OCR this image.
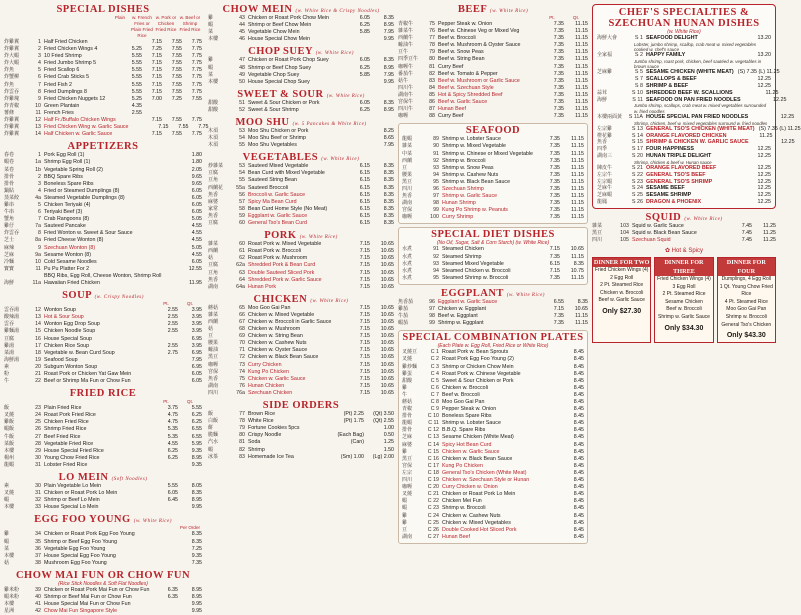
SPECIAL DISHES
Plain	w. French Fries or Plain Fried Rice
w. Pork or Chicken Fried Rice
w. Beef or Shrimp Fried Rice
炸雞翼	1 Half Fried Chicken	7.15	7.55	7.75
炸雞翼	2 Fried Chicken Wings 4	5.25	7.25	7.55	7.75
炸大蝦	3 10 Fried Shrimp	5.55	7.15	7.55	7.75
炸大蝦	4 Fried Jumbo Shrimp 5	5.55	7.15	7.55	7.75
炸魚	5 Fried Scallop 6	5.55	7.15	7.55	7.75
炸蟹柳	6 Fried Crab Sticks 5	5.55	7.15	7.55	7.75
炸魚	7 Fried Fish 2	5.55	7.15	7.55	7.75
炸雲吞	8 Fried Dumplings 8	5.55	7.15	7.55	7.75
炸雞塊	9 Fried Chicken Nuggets 12	5.25	7.00	7.25	7.55
炸青椒	10 Green Plantain	4.35
薯條	11 French Fries	2.55
炸雞翼	12 Half Fr./Buffalo Chicken Wings	7.15	7.55	7.75
炸雞翼	13 Fried Chicken Wing w. Garlic Sauce	7.15	7.55	7.75
炸雞翼	14 Half Chicken w. Garlic Sauce	7.15	7.55	7.75
APPETIZERS
春卷	1 Pork Egg Roll (1)	1.80
蝦卷	1a Shrimp Egg Roll (1)	1.80
菜卷	1b Vegetable Spring Roll (2)	2.05
排骨	2 BBQ Spare Ribs	9.65
排骨	3 Boneless Spare Ribs	9.65
鍋貼	4 Fried or Steamed Dumplings (8)	6.05
蒸菜餃	4a Steamed Vegetable Dumplings (8)	6.05
雞串	5 Chicken Teriyaki (4)	6.05
牛串	6 Teriyaki Beef (3)	6.05
蟹角	7 Crab Rangoons (8)	5.05
雞仔	7a Sauteed Pancake	4.55
炸雲吞	8 Fried Wonton w. Sweet & Sour Sauce	4.55
芝士	8a Fried Cheese Wonton (8)	4.55
麻辣	9 Szechuan Wonton (8)	5.05
芝麻	9a Sesame Wonton (8)	4.55
冷麵	10 Cold Sesame Noodles	6.05
寶寶	11 Pu Pu Platter For 2	12.55
BBQ Ribs, Egg Roll, Cheese Wonton, Shrimp Roll
海鮮	11a Hawaiian Fried Chicken	11.95
SOUP (w. Crispy Noodles)
Pt.	Qt.
雲吞湯	12 Wonton Soup	2.55	3.95
酸辣湯	13 Hot & Sour Soup	2.55	3.95
雲吞	14 Wonton Egg Drop Soup	2.55	3.95
雞麵湯	15 Chicken Noodle Soup	2.55	3.95
豆腐	16 House Special Soup	6.95
雞湯	17 Chicken Rice Soup	2.55	3.95
菜湯	18 Vegetable w. Bean Curd Soup	2.75	6.95
海鮮湯	19 Seafood Soup	7.95
素	20 Subgum Wonton Soup	6.95
粉	21 Roast Pork or Chicken Yat Gaw Mein	6.05
牛	22 Beef or Shrimp Ma Fun or Chow Fun	6.05
FRIED RICE
Pt.	Qt.
飯	23 Plain Fried Rice	3.75	5.55
叉燒	24 Roast Pork Fried Rice	4.75	6.25
雞飯	25 Chicken Fried Rice	4.75	6.25
蝦飯	26 Shrimp Fried Rice	5.35	6.55
牛飯	27 Beef Fried Rice	5.35	6.55
菜飯	28 Vegetable Fried Rice	4.55	5.95
本樓	29 House Special Fried Rice	6.25	9.35
楊州	30 Young Chow Fried Rice	6.25	8.95
龍蝦	31 Lobster Fried Rice	9.35
LO MEIN (Soft Noodles)
素	30 Plain Vegetable Lo Mein	5.55	8.05
叉燒	31 Chicken or Roast Pork Lo Mein	6.05	8.35
蝦	32 Shrimp or Beef Lo Mein	6.45	8.95
本樓	33 House Special Lo Mein	9.95
EGG FOO YOUNG (w. White Rice)
Per Order
雞	34 Chicken or Roast Pork Egg Foo Young	8.35
蝦	35 Shrimp or Beef Egg Foo Young	8.35
菜	36 Vegetable Egg Foo Young	7.25
本樓	37 House Special Egg Foo Young	9.35
菇	38 Mushroom Egg Foo Young	7.35
CHOW MAI FUN OR CHOW FUN
(Rice Stick Noodles & Soft Flat Noodles)
雞米粉	39 Chicken or Roast Pork Mai Fun or Chow Fun	6.35	8.95
蝦米粉	40 Shrimp or Beef Mai Fun or Chow Fun	6.35	8.95
本樓	41 House Special Mai Fun or Chow Fun	9.95
星洲	42 Chow Mai Fun Singapore Style	9.95
CHOW MEIN (w. White Rice & Crispy Noodles)
雞	43 Chicken or Roast Pork Chow Mein	6.05	8.35
蝦	44 Shrimp or Beef Chow Mein	6.25	8.95
菜	45 Vegetable Chow Mein	5.85	7.95
本樓	46 House Special Chow Mein	9.95
CHOP SUEY (w. White Rice)
雞	47 Chicken or Roast Pork Chop Suey	6.05	8.35
蝦	48 Shrimp or Beef Chop Suey	6.25	8.95
菜	49 Vegetable Chop Suey	5.85	7.95
本樓	50 House Special Chop Suey	9.95
SWEET & SOUR (w. White Rice)
甜酸	51 Sweet & Sour Chicken or Pork	6.05	8.35
甜酸	52 Sweet & Sour Shrimp	6.25	8.95
MOO SHU (w. 5 Pancakes & White Rice)
木須	53 Moo Shu Chicken or Pork	8.25
木須	54 Moo Shu Beef or Shrimp	8.65
木須	55 Moo Shu Vegetables	7.95
VEGETABLES (w. White Rice)
炒雜菜	53 Sauteed Mixed Vegetable	6.15	8.35
豆腐	54 Bean Curd with Mixed Vegetable	6.15	8.35
豆角	55 Sauteed String Bean	6.15	8.35
西蘭花	55a Sauteed Broccoli	6.15	8.35
魚香	56 Broccoli w. Garlic Sauce	6.15	8.35
麻婆	57 Spicy Ma Bean Curd	6.15	8.35
家常	58 Bean Curd Home Style (No Meat)	6.15	8.35
魚香	59 Eggplant w. Garlic Sauce	6.15	8.35
豆腐	60 General Tso's Bean Curd	6.15	8.35
PORK (w. White Rice)
雜菜	60 Roast Pork w. Mixed Vegetable	7.15	10.65
西蘭	61 Roast Pork w. Broccoli	7.15	10.65
菇	62 Roast Pork w. Mushroom	7.15	10.65
豆腐	62a Shredded Pork & Bean Curd	7.15	10.65
豆角	63 Double Sauteed Sliced Pork	7.15	10.65
魚香	64 Shredded Pork w. Garlic Sauce	7.15	10.65
湖南	64a Hunan Pork	7.15	10.65
CHICKEN (w. White Rice)
蘑菇	65 Moo Goo Gai Pan	7.15	10.65
雜菜	66 Chicken w. Mixed Vegetable	7.15	10.65
西蘭	67 Chicken w. Broccoli in Garlic Sauce	7.15	10.65
菇	68 Chicken w. Mushroom	7.15	10.65
豆	69 Chicken w. String Bean	7.15	10.65
腰果	70 Chicken w. Cashew Nuts	7.15	10.65
蠔油	71 Chicken w. Oyster Sauce	7.15	10.65
黑豆	72 Chicken w. Black Bean Sauce	7.15	10.65
咖喱	73 Curry Chicken	7.15	10.65
宮保	74 Kung Po Chicken	7.15	10.65
魚香	75 Chicken w. Garlic Sauce	7.15	10.65
湖南	76 Hunan Chicken	7.15	10.65
四川	76a Szechuan Chicken	7.15	10.65
SIDE ORDERS
飯	77 Brown Rice	(Pt) 2.25	(Qt) 3.50
白飯	78 White Rice	(Pt) 1.75	(Qt) 2.55
餅	79 Fortune Cookies 5pcs	1.00
脆麵	80 Crispy Noodle	(Each Bag)	0.50
汽水	81 Soda	(Can)	1.25
蝦	82 Shrimp	1.50
冰茶	83 Homemade Ice Tea	(Sm) 1.00	(Lg) 2.00
BEEF (w. White Rice)
Pt.	Qt.
青椒牛	75 Pepper Steak w. Onion	7.35	11.15
雜菜牛	76 Beef w. Chinese Veg or Mixed Veg	7.35	11.15
西蘭牛	77 Beef w. Broccoli	7.35	11.15
蠔油牛	78 Beef w. Mushroom & Oyster Sauce	7.35	11.15
豆牛	79 Beef w. Snow Peas	7.35	11.15
四季豆牛	80 Beef w. String Bean	7.35	11.15
咖喱牛	81 Curry Beef	7.35	11.15
番茄牛	82 Beef w. Tomato & Pepper	7.35	11.15
菇牛	83 Beef w. Mushroom or Garlic Sauce	7.35	11.15
四川牛	84 Beef w. Szechuan Style	7.35	11.15
湖南牛	85 Hot & Spicy Shredded Beef	7.35	11.15
宮保牛	86 Beef w. Garlic Sauce	7.35	11.15
四川牛	87 Hunan Beef	7.35	11.15
咖喱	88 Curry Beef	7.35	11.15
SEAFOOD
龍蝦	89 Shrimp w. Lobster Sauce	7.35	11.15
雜菜	90 Shrimp w. Mixed Vegetable	7.35	11.15
中菜	91 Shrimp w. Chinese or Mixed Vegetable	7.35	11.15
西蘭	92 Shrimp w. Broccoli	7.35	11.15
豆	93 Shrimp w. Snow Peas	7.35	11.15
腰果	94 Shrimp w. Cashew Nuts	7.35	11.15
黑豆	95 Shrimp w. Black Bean Sauce	7.35	11.15
四川	96 Szechuan Shrimp	7.35	11.15
魚香	97 Shrimp w. Garlic Sauce	7.35	11.15
湖南	98 Hunan Shrimp	7.35	11.15
宮保	99 Kung Po Shrimp w. Peanuts	7.35	11.15
咖喱	100 Curry Shrimp	7.35	11.15
SPECIAL DIET DISHES
(No Oil, Sugar, Salt & Corn Starch) (w. White Rice)
水煮	91 Steamed Chicken	7.15	10.65
水煮	92 Steamed Shrimp	7.35	11.15
水煮	93 Steamed Mixed Vegetable	6.15	8.35
水煮	94 Steamed Chicken w. Broccoli	7.15	10.75
水煮	95 Steamed Shrimp w. Broccoli	7.35	11.15
EGGPLANT (w. White Rice)
魚香茄	96 Eggplant w. Garlic Sauce	6.55	8.35
雞茄	97 Chicken w. Eggplant	7.15	10.65
牛茄	98 Beef w. Eggplant	7.35	11.15
蝦茄	99 Shrimp w. Eggplant	7.35	11.15
SPECIAL COMBINATION PLATES
(Each Plate w. Egg Roll, Fried Rice or White Rice)
叉燒豆	C 1 Roast Pork w. Bean Sprouts	8.45
叉燒	C 2 Roast Pork Egg Foo Young (2)	8.45
雞炒麵	C 3 Shrimp or Chicken Chow Mein	8.45
雞蛋	C 4 Roast Pork w. Chinese Vegetable	8.45
甜酸	C 5 Sweet & Sour Chicken or Pork	8.45
雞	C 6 Chicken w. Broccoli	8.45
牛	C 7 Beef w. Broccoli	8.45
蘑菇	C 8 Moo Goo Gai Pan	8.45
青椒	C 9 Pepper Steak w. Onion	8.45
排骨	C 10 Boneless Spare Ribs	8.45
龍蝦	C 11 Shrimp w. Lobster Sauce	8.45
排骨	C 12 B.B.Q. Spare Ribs	8.45
芝麻	C 13 Sesame Chicken (White Meat)	8.45
麻婆	C 14 Spicy Hot Bean Curd	8.45
雞	C 15 Chicken w. Garlic Sauce	8.45
黑豆	C 16 Chicken w. Black Bean Sauce	8.45
宮保	C 17 Kung Po Chicken	8.45
左宗	C 18 General Tso's Chicken (White Meat)	8.45
四川	C 19 Chicken w. Szechuan Style or Hunan	8.45
咖喱	C 20 Curry Chicken w. Onion	8.45
叉燒	C 21 Chicken or Roast Pork Lo Mein	8.45
蝦	C 22 Chicken Mei Fun	8.45
蝦	C 23 Shrimp w. Broccoli	8.45
雞	C 24 Chicken w. Cashew Nuts	8.45
雞	C 25 Chicken w. Mixed Vegetables	8.45
豆	C 26 Double Cooked Hot Sliced Pork	8.45
湖南	C 27 Hunan Beef	8.45
CHEF'S SPECIALTIES & SZECHUAN HUNAN DISHES
(w. White Rice)
海鮮大會	S 1 SEAFOOD DELIGHT	13.20
Lobster, jumbo shrimp, scallop, crab meat w. mixed vegetables cooked w. chef's sauce
全家福	S 2 HAPPY FAMILY	13.20
Jumbo shrimp, roast pork, chicken, beef sautéed w. vegetables in brown sauce
芝麻雞	S 5 SESAME CHICKEN (WHITE MEAT) (S) 7.35 (L) 11.25
S 7 SCALLOPS & BEEF	12.25
S 8 SHRIMP & BEEF	12.25
蒜茸	S 10 SHREDDED BEEF W. SCALLIONS	11.25
海鮮	S 11 SEAFOOD ON PAN FRIED NOODLES	12.25
Jumbo shrimp, scallops, crab meat w. mixed vegetables surrounded w. fried noodles
本樓兩面黃	S 11A HOUSE SPECIAL PAN FRIED NOODLES	12.25
Shrimp, chicken, beef w. mixed vegetables surround w. fried noodles
左宗雞	S 13 GENERAL TSO'S CHICKEN (WHITE MEAT) (S) 7.35 (L) 11.25
橙花雞	S 14 ORANGE FLAVORED CHICKEN	11.25
魚香	S 15 SHRIMP & CHICKEN W. GARLIC SAUCE	12.25
四季	S 17 FOUR HAPPINESS	12.25
湖南三	S 20 HUNAN TRIPLE DELIGHT	12.25
Shrimp, chicken & beef w. Hunan sauce
陳皮牛	S 21 ORANGE FLAVORED BEEF	12.25
左宗牛	S 22 GENERAL TSO'S BEEF	12.25
左宗蝦	S 23 GENERAL TSO'S SHRIMP	12.25
芝麻牛	S 24 SESAME BEEF	12.25
芝麻蝦	S 25 SESAME SHRIMP	12.25
龍鳳	S 26 DRAGON & PHOENIX	12.25
SQUID (w. White Rice)
雜菜	103 Squid w. Garlic Sauce	7.45	11.25
黑豆	104 Squid w. Black Bean Sauce	7.45	11.25
四川	105 Szechuan Squid	7.45	11.25
✿ Hot & Spicy
DINNER FOR TWO
Fried Chicken Wings (4)
2 Egg Roll
2 Pt. Steamed Rice
Chicken w. Broccoli
Beef w. Garlic Sauce
Only $27.30
DINNER FOR THREE
Fried Chicken Wings (4)
3 Egg Roll
2 Pt. Steamed Rice
Sesame Chicken
Beef w. Broccoli
Shrimp w. Garlic Sauce
Only $34.30
DINNER FOR FOUR
Dumplings, 4 Egg Roll
1 Qt. Young Chow Fried Rice
4 Pt. Steamed Rice
Moo Goo Gai Pan
Shrimp w. Broccoli
General Tso's Chicken
Only $43.30
